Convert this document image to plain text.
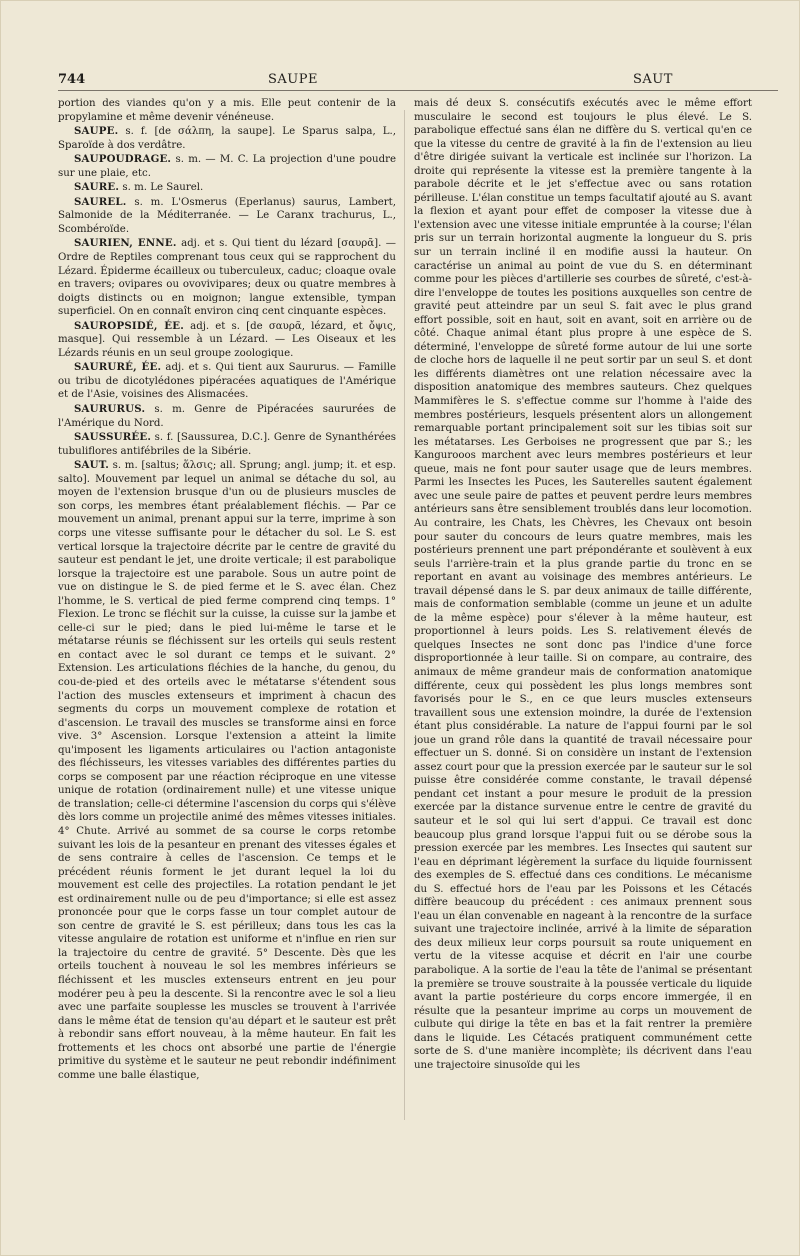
744	SAUPE	SAUT

portion des viandes qu'on y a mis. Elle peut contenir de la propylamine et même devenir vénéneuse.

SAUPE. s. f. [de σάλπη, la saupe]. Le Sparus salpa, L., Sparoïde à dos verdâtre.

SAUPOUDRAGE. s. m. — M. C. La projection d'une poudre sur une plaie, etc.

SAURE. s. m. Le Saurel.

SAUREL. s. m. L'Osmerus (Eperlanus) saurus, Lambert, Salmonide de la Méditerranée. — Le Caranx trachurus, L., Scombéroïde.

SAURIEN, ENNE. adj. et s. Qui tient du lézard [σαυρᾶ]. — Ordre de Reptiles comprenant tous ceux qui se rapprochent du Lézard. Épiderme écailleux ou tuberculeux, caduc; cloaque ovale en travers; ovipares ou ovovivipares; deux ou quatre membres à doigts distincts ou en moignon; langue extensible, tympan superficiel. On en connaît environ cinq cent cinquante espèces.

SAUROPSIDÉ, ÉE. adj. et s. [de σαυρᾶ, lézard, et ὄψις, masque]. Qui ressemble à un Lézard. — Les Oiseaux et les Lézards réunis en un seul groupe zoologique.

SAURURÉ, ÉE. adj. et s. Qui tient aux Saururus. — Famille ou tribu de dicotylédones pipéracées aquatiques de l'Amérique et de l'Asie, voisines des Alismacées.

SAURURUS. s. m. Genre de Pipéracées saururées de l'Amérique du Nord.

SAUSSURÉE. s. f. [Saussurea, D.C.]. Genre de Synanthérées tubuliflores antifébriles de la Sibérie.

SAUT. s. m. [saltus; ἅλσις; all. Sprung; angl. jump; it. et esp. salto]. Mouvement par lequel un animal se détache du sol, au moyen de l'extension brusque d'un ou de plusieurs muscles de son corps, les membres étant préalablement fléchis. — Par ce mouvement un animal, prenant appui sur la terre, imprime à son corps une vitesse suffisante pour le détacher du sol. Le S. est vertical lorsque la trajectoire décrite par le centre de gravité du sauteur est pendant le jet, une droite verticale; il est parabolique lorsque la trajectoire est une parabole. Sous un autre point de vue on distingue le S. de pied ferme et le S. avec élan. Chez l'homme, le S. vertical de pied ferme comprend cinq temps. 1° Flexion. Le tronc se fléchit sur la cuisse, la cuisse sur la jambe et celle-ci sur le pied; dans le pied lui-même le tarse et le métatarse réunis se fléchissent sur les orteils qui seuls restent en contact avec le sol durant ce temps et le suivant. 2° Extension. Les articulations fléchies de la hanche, du genou, du cou-de-pied et des orteils avec le métatarse s'étendent sous l'action des muscles extenseurs et impriment à chacun des segments du corps un mouvement complexe de rotation et d'ascension. Le travail des muscles se transforme ainsi en force vive. 3° Ascension. Lorsque l'extension a atteint la limite qu'imposent les ligaments articulaires ou l'action antagoniste des fléchisseurs, les vitesses variables des différentes parties du corps se composent par une réaction réciproque en une vitesse unique de rotation (ordinairement nulle) et une vitesse unique de translation; celle-ci détermine l'ascension du corps qui s'élève dès lors comme un projectile animé des mêmes vitesses initiales. 4° Chute. Arrivé au sommet de sa course le corps retombe suivant les lois de la pesanteur en prenant des vitesses égales et de sens contraire à celles de l'ascension. Ce temps et le précédent réunis forment le jet durant lequel la loi du mouvement est celle des projectiles. La rotation pendant le jet est ordinairement nulle ou de peu d'importance; si elle est assez prononcée pour que le corps fasse un tour complet autour de son centre de gravité le S. est périlleux; dans tous les cas la vitesse angulaire de rotation est uniforme et n'influe en rien sur la trajectoire du centre de gravité. 5° Descente. Dès que les orteils touchent à nouveau le sol les membres inférieurs se fléchissent et les muscles extenseurs entrent en jeu pour modérer peu à peu la descente. Si la rencontre avec le sol a lieu avec une parfaite souplesse les muscles se trouvent à l'arrivée dans le même état de tension qu'au départ et le sauteur est prêt à rebondir sans effort nouveau, à la même hauteur. En fait les frottements et les chocs ont absorbé une partie de l'énergie primitive du système et le sauteur ne peut rebondir indéfiniment comme une balle élastique,

mais dé deux S. consécutifs exécutés avec le même effort musculaire le second est toujours le plus élevé. Le S. parabolique effectué sans élan ne diffère du S. vertical qu'en ce que la vitesse du centre de gravité à la fin de l'extension au lieu d'être dirigée suivant la verticale est inclinée sur l'horizon. La droite qui représente la vitesse est la première tangente à la parabole décrite et le jet s'effectue avec ou sans rotation périlleuse. L'élan constitue un temps facultatif ajouté au S. avant la flexion et ayant pour effet de composer la vitesse due à l'extension avec une vitesse initiale empruntée à la course; l'élan pris sur un terrain horizontal augmente la longueur du S. pris sur un terrain incliné il en modifie aussi la hauteur. On caractérise un animal au point de vue du S. en déterminant comme pour les pièces d'artillerie ses courbes de sûreté, c'est-à-dire l'enveloppe de toutes les positions auxquelles son centre de gravité peut atteindre par un seul S. fait avec le plus grand effort possible, soit en haut, soit en avant, soit en arrière ou de côté. Chaque animal étant plus propre à une espèce de S. déterminé, l'enveloppe de sûreté forme autour de lui une sorte de cloche hors de laquelle il ne peut sortir par un seul S. et dont les différents diamètres ont une relation nécessaire avec la disposition anatomique des membres sauteurs. Chez quelques Mammifères le S. s'effectue comme sur l'homme à l'aide des membres postérieurs, lesquels présentent alors un allongement remarquable portant principalement soit sur les tibias soit sur les métatarses. Les Gerboises ne progressent que par S.; les Kangurooos marchent avec leurs membres postérieurs et leur queue, mais ne font pour sauter usage que de leurs membres. Parmi les Insectes les Puces, les Sauterelles sautent également avec une seule paire de pattes et peuvent perdre leurs membres antérieurs sans être sensiblement troublés dans leur locomotion. Au contraire, les Chats, les Chèvres, les Chevaux ont besoin pour sauter du concours de leurs quatre membres, mais les postérieurs prennent une part prépondérante et soulèvent à eux seuls l'arrière-train et la plus grande partie du tronc en se reportant en avant au voisinage des membres antérieurs. Le travail dépensé dans le S. par deux animaux de taille différente, mais de conformation semblable (comme un jeune et un adulte de la même espèce) pour s'élever à la même hauteur, est proportionnel à leurs poids. Les S. relativement élevés de quelques Insectes ne sont donc pas l'indice d'une force disproportionnée à leur taille. Si on compare, au contraire, des animaux de même grandeur mais de conformation anatomique différente, ceux qui possèdent les plus longs membres sont favorisés pour le S., en ce que leurs muscles extenseurs travaillent sous une extension moindre, la durée de l'extension étant plus considérable. La nature de l'appui fourni par le sol joue un grand rôle dans la quantité de travail nécessaire pour effectuer un S. donné. Si on considère un instant de l'extension assez court pour que la pression exercée par le sauteur sur le sol puisse être considérée comme constante, le travail dépensé pendant cet instant a pour mesure le produit de la pression exercée par la distance survenue entre le centre de gravité du sauteur et le sol qui lui sert d'appui. Ce travail est donc beaucoup plus grand lorsque l'appui fuit ou se dérobe sous la pression exercée par les membres. Les Insectes qui sautent sur l'eau en déprimant légèrement la surface du liquide fournissent des exemples de S. effectué dans ces conditions. Le mécanisme du S. effectué hors de l'eau par les Poissons et les Cétacés diffère beaucoup du précédent : ces animaux prennent sous l'eau un élan convenable en nageant à la rencontre de la surface suivant une trajectoire inclinée, arrivé à la limite de séparation des deux milieux leur corps poursuit sa route uniquement en vertu de la vitesse acquise et décrit en l'air une courbe parabolique. A la sortie de l'eau la tête de l'animal se présentant la première se trouve soustraite à la poussée verticale du liquide avant la partie postérieure du corps encore immergée, il en résulte que la pesanteur imprime au corps un mouvement de culbute qui dirige la tête en bas et la fait rentrer la première dans le liquide. Les Cétacés pratiquent communément cette sorte de S. d'une manière incomplète; ils décrivent dans l'eau une trajectoire sinusoïde qui les
